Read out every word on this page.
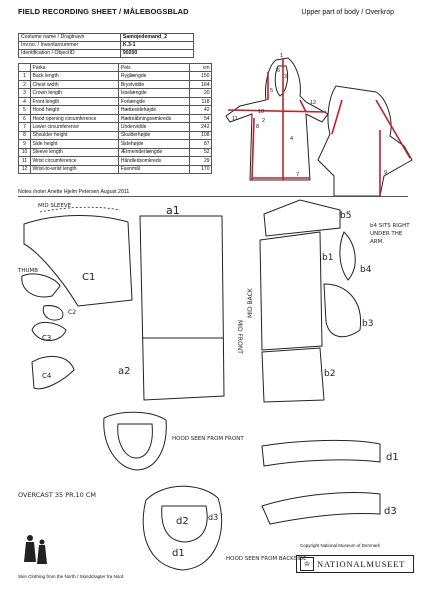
FIELD RECORDING SHEET / MÅLEBOGSBLAD	Upper part of body / Overkrop
Costume name / Dragtnavn	Samojedemand_2
Inv.no. / Inventarnummer	K.3-1
Identification / ObjectID	90200
	Parka	Pels	cm
1	Back length	Ryglængde	150
2	Chest width	Brystvidde	164
3	Crown length	Isselængde	20
4	Front length	Forlængde	118
5	Hood height	Hættesidehøjde	42
6	Hood opening circumference	Hætteåbningsomkreds	54
7	Lower circumference	Undervidde	242
8	Shoulder height	Skulderhøjde	108
9	Side height	Sidehøjde	87
10	Sleeve length	Ærmeinderlængde	52
11	Wrist circumference	Håndledsomkreds	29
12	Wrist-to-wrist length	Favnmål	170
1
2
3
4
5
6
7
8
9
10
11
12
Notes /noter Anette Hjelm Petersen August 2011
MID SLEEVE
THUMB
C1
C2
C3
C4
a1
a2
MID FRONT
MID BACK
b5
b1
b2
b4
b3
HOOD SEEN FROM FRONT
OVERCAST 35 PR.10 CM
d1
d3
d2 d3
d1	HOOD SEEN FROM BACKSIDE
b4 SITS RIGHT UNDER THE ARM.
Copyright National Museum of Denmark
♔ NATIONALMUSEET
Skin Clothing from the North / Skinddragter fra Nord
